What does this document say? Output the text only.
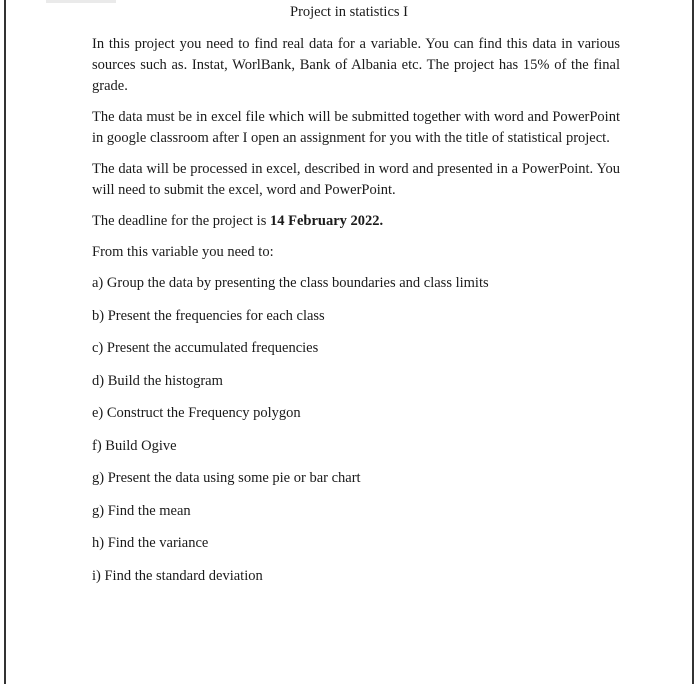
Project in statistics I

In this project you need to find real data for a variable. You can find this data in various sources such as. Instat, WorlBank, Bank of Albania etc. The project has 15% of the final grade.

The data must be in excel file which will be submitted together with word and PowerPoint in google classroom after I open an assignment for you with the title of statistical project.

The data will be processed in excel, described in word and presented in a PowerPoint. You will need to submit the excel, word and PowerPoint.

The deadline for the project is 14 February 2022.

From this variable you need to:

a) Group the data by presenting the class boundaries and class limits
b) Present the frequencies for each class
c) Present the accumulated frequencies
d) Build the histogram
e) Construct the Frequency polygon
f) Build Ogive
g) Present the data using some pie or bar chart
g) Find the mean
h) Find the variance
i) Find the standard deviation
